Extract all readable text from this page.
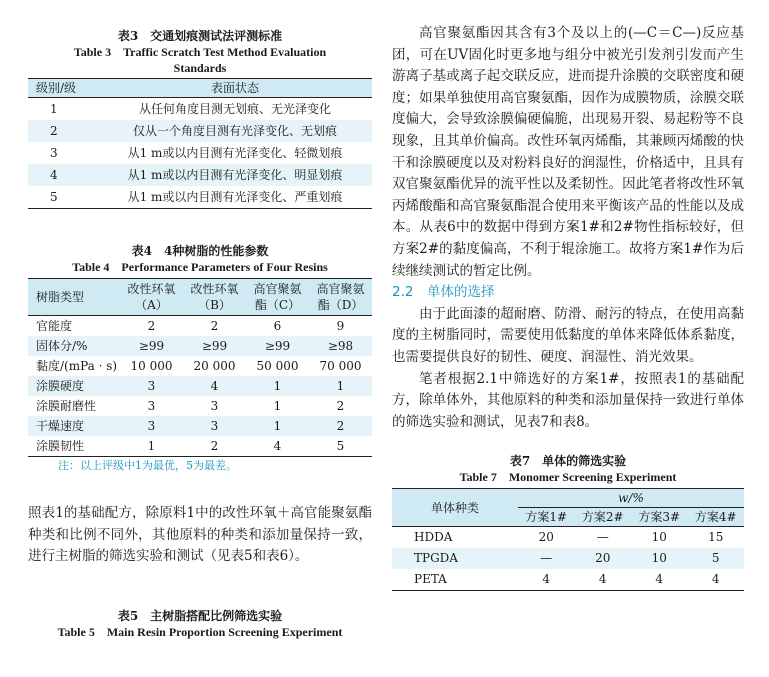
表3　交通划痕测试法评测标准
Table 3　Traffic Scratch Test Method Evaluation Standards
级别/级	表面状态
1	从任何角度目测无划痕、无光泽变化
2	仅从一个角度目测有光泽变化、无划痕
3	从1 m或以内目测有光泽变化、轻微划痕
4	从1 m或以内目测有光泽变化、明显划痕
5	从1 m或以内目测有光泽变化、严重划痕
表4　4种树脂的性能参数
Table 4　Performance Parameters of Four Resins
树脂类型	改性环氧（A）	改性环氧（B）	高官聚氨酯（C）	高官聚氨酯（D）
官能度	2	2	6	9
固体分/%	≥99	≥99	≥99	≥98
黏度/(mPa · s)	10 000	20 000	50 000	70 000
涂膜硬度	3	4	1	1
涂膜耐磨性	3	3	1	2
干燥速度	3	3	1	2
涂膜韧性	1	2	4	5
注：以上评级中1为最优，5为最差。

照表1的基础配方，除原料1中的改性环氧＋高官能聚氨酯种类和比例不同外，其他原料的种类和添加量保持一致，进行主树脂的筛选实验和测试（见表5和表6）。

表5　主树脂搭配比例筛选实验
Table 5　Main Resin Proportion Screening Experiment

高官聚氨酯因其含有3个及以上的(—C＝C—)反应基团，可在UV固化时更多地与组分中被光引发剂引发而产生游离子基或离子起交联反应，进而提升涂膜的交联密度和硬度；如果单独使用高官聚氨酯，因作为成膜物质，涂膜交联度偏大，会导致涂膜偏硬偏脆，出现易开裂、易起粉等不良现象，且其单价偏高。改性环氧丙烯酯，其兼顾丙烯酸的快干和涂膜硬度以及对粉料良好的润湿性，价格适中，且具有双官聚氨酯优异的流平性以及柔韧性。因此笔者将改性环氧丙烯酸酯和高官聚氨酯混合使用来平衡该产品的性能以及成本。从表6中的数据中得到方案1#和2#物性指标较好，但方案2#的黏度偏高，不利于辊涂施工。故将方案1#作为后续继续测试的暂定比例。

2.2　单体的选择

由于此面漆的超耐磨、防滑、耐污的特点，在使用高黏度的主树脂同时，需要使用低黏度的单体来降低体系黏度，也需要提供良好的韧性、硬度、润湿性、消光效果。

笔者根据2.1中筛选好的方案1#，按照表1的基础配方，除单体外，其他原料的种类和添加量保持一致进行单体的筛选实验和测试，见表7和表8。

表7　单体的筛选实验
Table 7　Monomer Screening Experiment
单体种类	w/%			
	方案1#	方案2#	方案3#	方案4#
HDDA	20	—	10	15
TPGDA	—	20	10	5
PETA	4	4	4	4
